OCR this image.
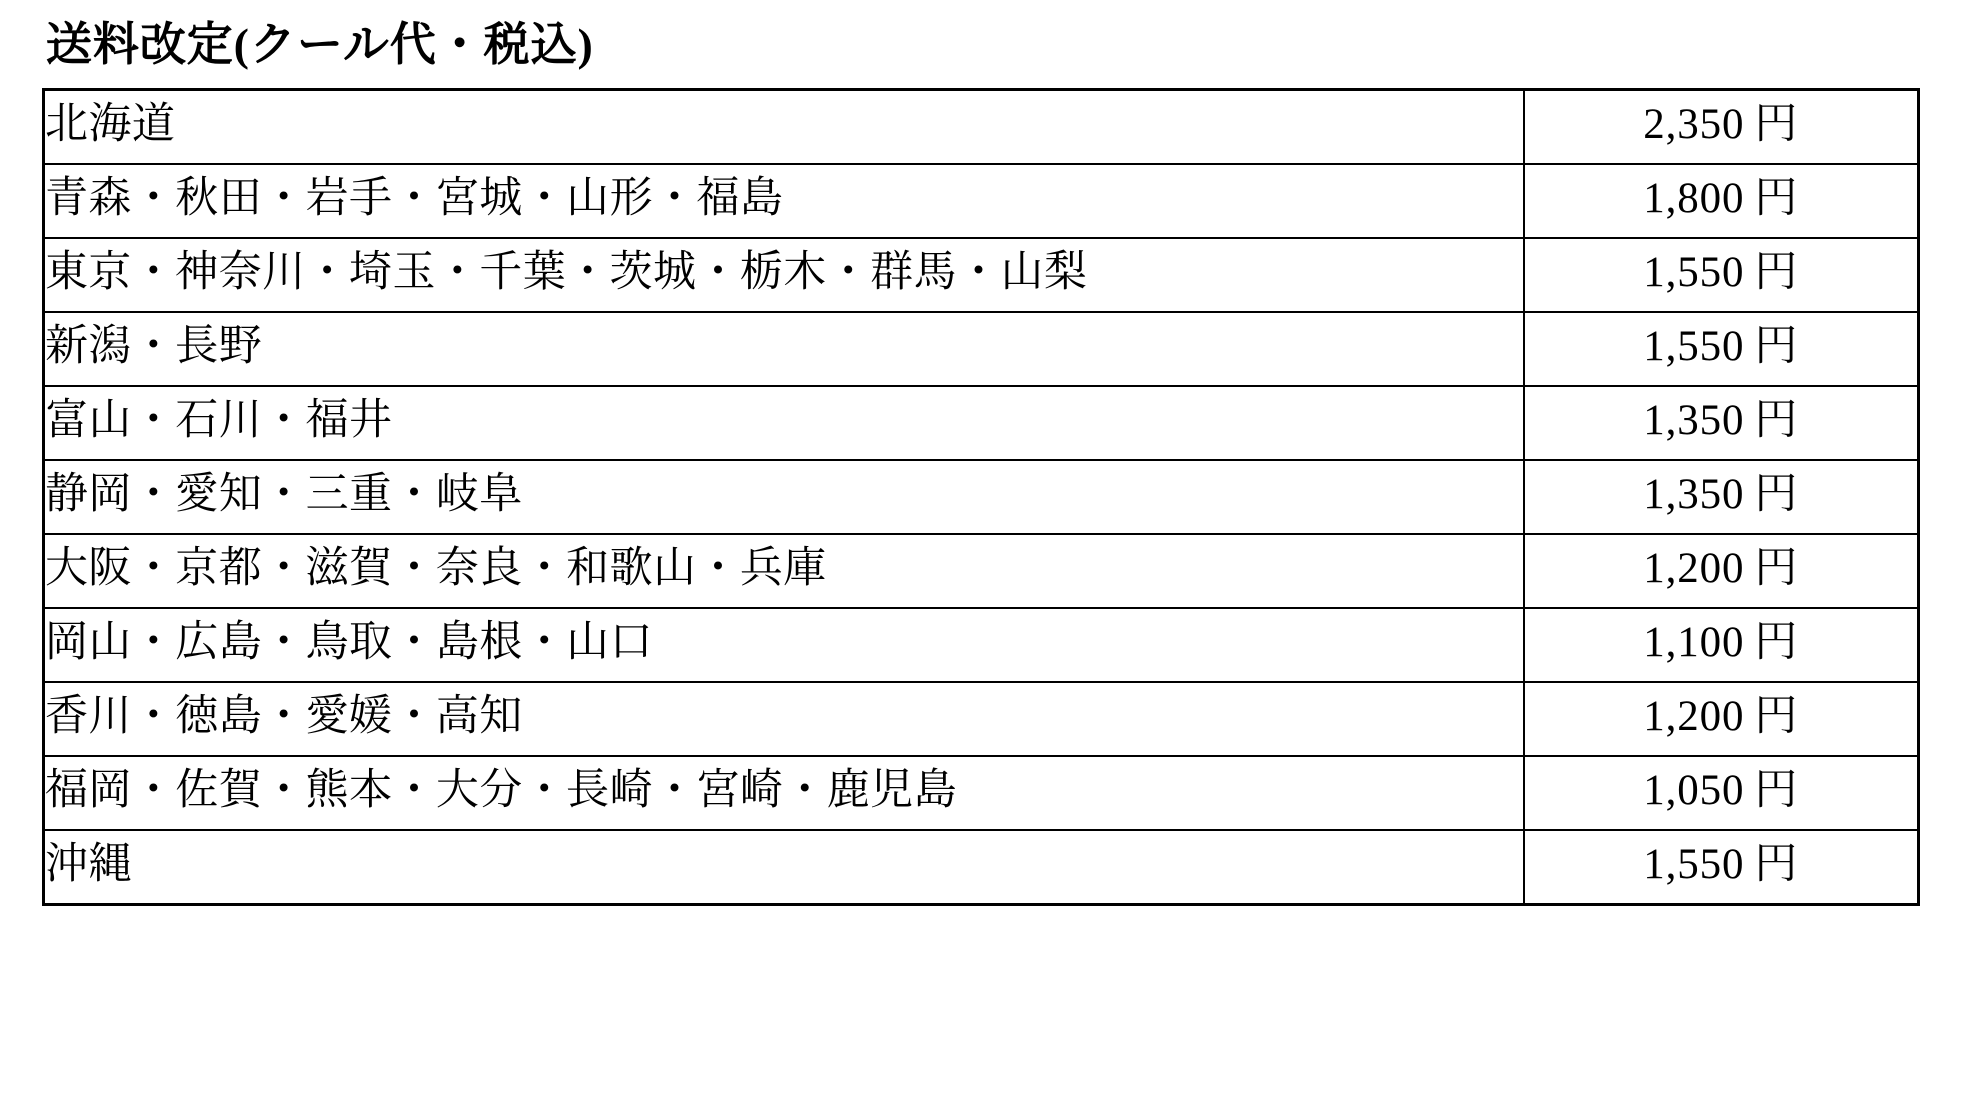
送料改定(クール代・税込)
北海道	2,350 円
青森・秋田・岩手・宮城・山形・福島	1,800 円
東京・神奈川・埼玉・千葉・茨城・栃木・群馬・山梨	1,550 円
新潟・長野	1,550 円
富山・石川・福井	1,350 円
静岡・愛知・三重・岐阜	1,350 円
大阪・京都・滋賀・奈良・和歌山・兵庫	1,200 円
岡山・広島・鳥取・島根・山口	1,100 円
香川・徳島・愛媛・高知	1,200 円
福岡・佐賀・熊本・大分・長崎・宮崎・鹿児島	1,050 円
沖縄	1,550 円
